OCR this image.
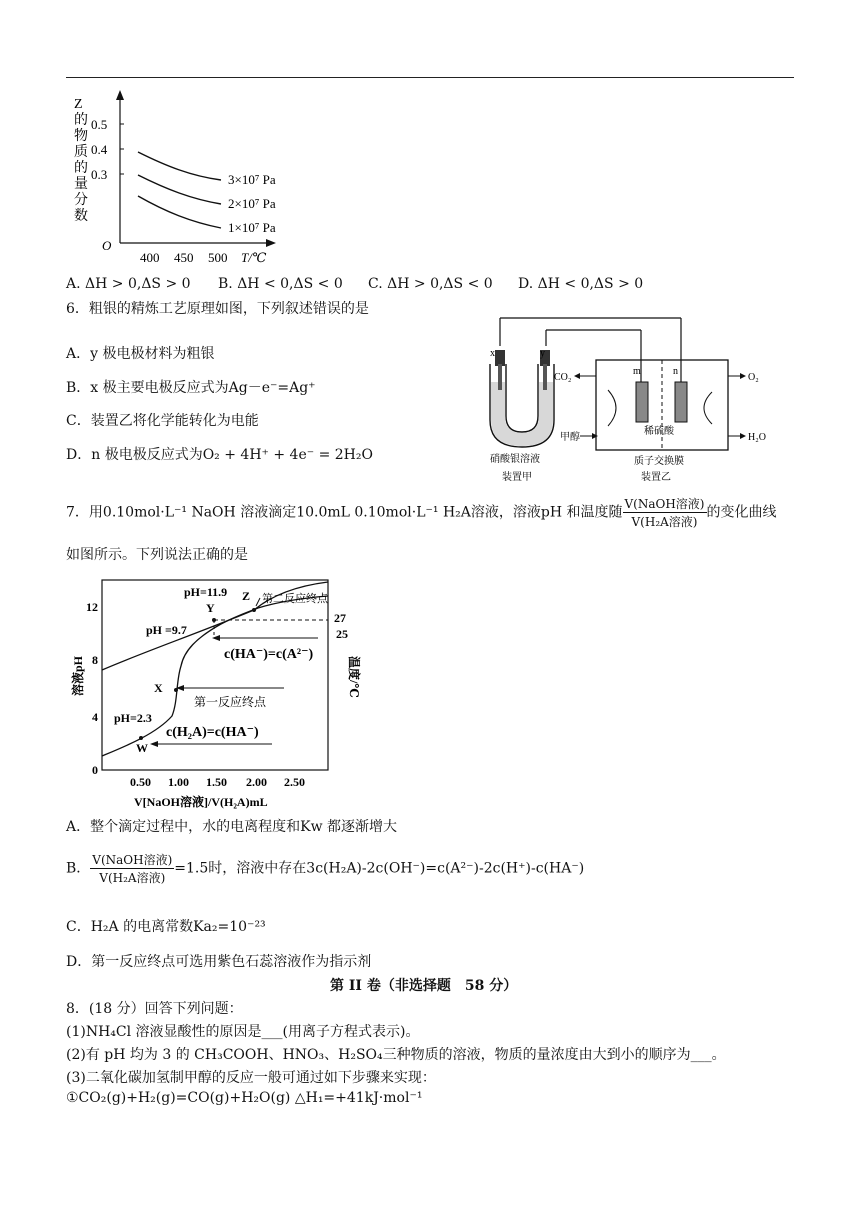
Z
的
物
质
的
量
分
数
0.5
0.4
0.3
O
400 450 500 T/℃
3×10⁷ Pa
2×10⁷ Pa
1×10⁷ Pa
A. ΔH > 0,ΔS > 0 B. ΔH < 0,ΔS < 0 C. ΔH > 0,ΔS < 0 D. ΔH < 0,ΔS > 0
6．粗银的精炼工艺原理如图，下列叙述错误的是
A．y 极电极材料为粗银
B．x 极主要电极反应式为Ag－e⁻=Ag⁺
C．装置乙将化学能转化为电能
D．n 极电极反应式为O₂ + 4H⁺ + 4e⁻ = 2H₂O
x	y
m	n
CO₂	O₂
甲醇	H₂O
稀硫酸
硝酸银溶液
装置甲
质子交换膜
装置乙
7．用0.10mol·L⁻¹ NaOH 溶液滴定10.0mL 0.10mol·L⁻¹ H₂A溶液，溶液pH 和温度随 $\frac{\text{V(NaOH溶液)}}{\text{V(H₂A溶液)}}$ 的变化曲线
如图所示。下列说法正确的是
12
8
4
0
溶液pH
27
25
温度/℃
0.50 1.00 1.50 2.00 2.50
V[NaOH溶液]/V(H₂A)mL
pH=11.9
Y
Z
pH =9.7
X
pH=2.3
W
第二反应终点
c(HA⁻)=c(A²⁻)
第一反应终点
c(H₂A)=c(HA⁻)
A．整个滴定过程中，水的电离程度和Kw 都逐渐增大
B． $\frac{\text{V(NaOH溶液)}}{\text{V(H₂A溶液)}} =1.5$时，溶液中存在3c(H₂A)-2c(OH⁻)=c(A²⁻)-2c(H⁺)-c(HA⁻)
C．H₂A 的电离常数Ka₂=10⁻²³
D．第一反应终点可选用紫色石蕊溶液作为指示剂
第 II 卷（非选择题　58 分）
8．(18 分）回答下列问题：
(1)NH₄Cl 溶液显酸性的原因是___(用离子方程式表示)。
(2)有 pH 均为 3 的 CH₃COOH、HNO₃、H₂SO₄三种物质的溶液，物质的量浓度由大到小的顺序为___。
(3)二氧化碳加氢制甲醇的反应一般可通过如下步骤来实现：
①CO₂(g)+H₂(g)=CO(g)+H₂O(g) △H₁=+41kJ·mol⁻¹
